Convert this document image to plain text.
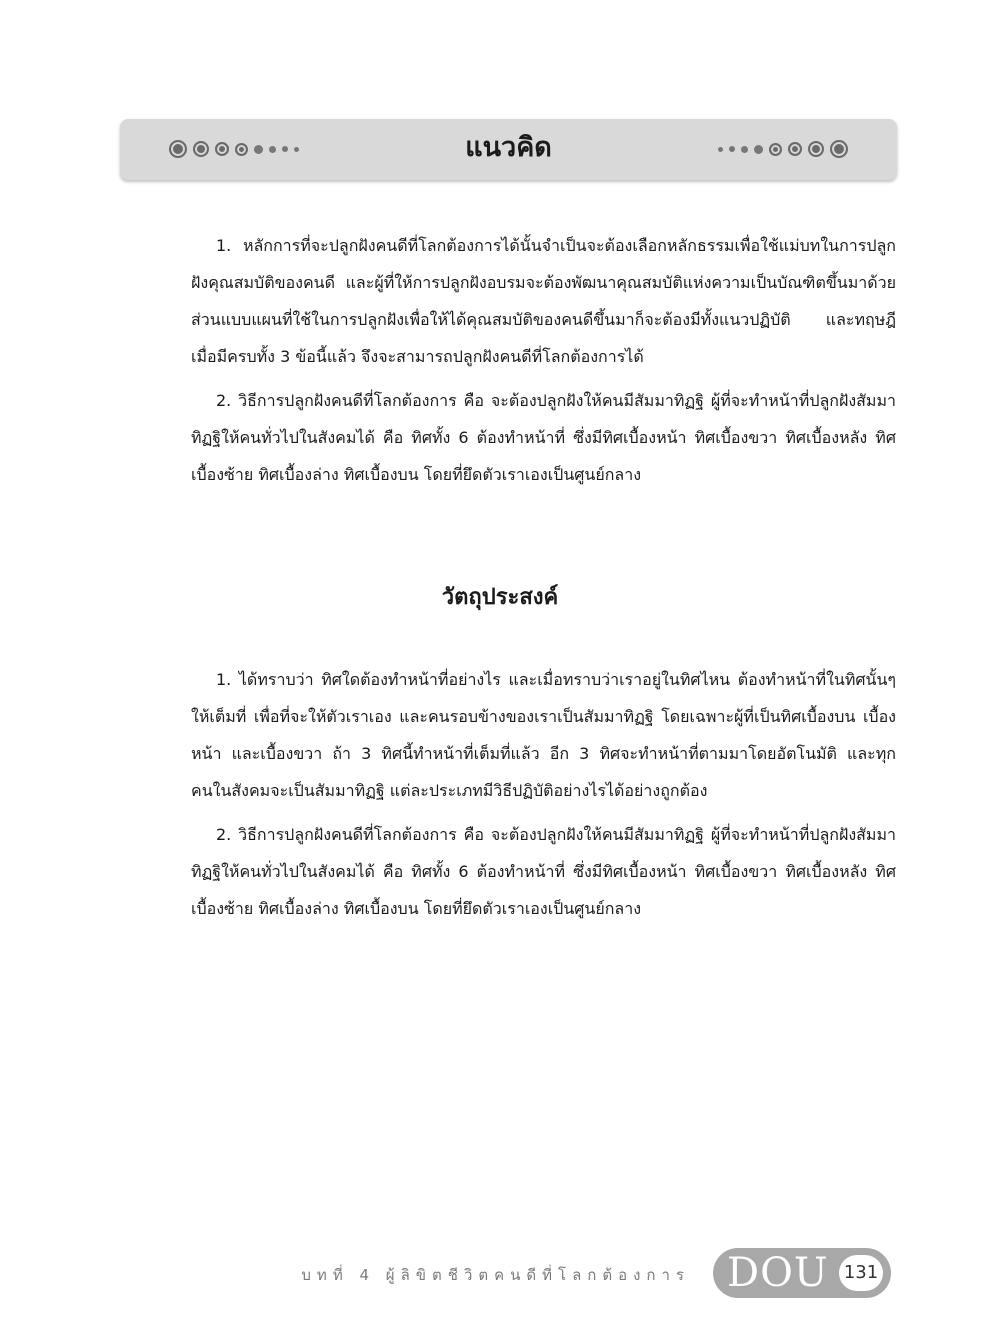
แนวคิด

1. หลักการที่จะปลูกฝังคนดีที่โลกต้องการได้นั้นจำเป็นจะต้องเลือกหลักธรรมเพื่อใช้แม่บทในการปลูกฝังคุณสมบัติของคนดี และผู้ที่ให้การปลูกฝังอบรมจะต้องพัฒนาคุณสมบัติแห่งความเป็นบัณฑิตขึ้นมาด้วย ส่วนแบบแผนที่ใช้ในการปลูกฝังเพื่อให้ได้คุณสมบัติของคนดีขึ้นมาก็จะต้องมีทั้งแนวปฏิบัติ และทฤษฎี เมื่อมีครบทั้ง 3 ข้อนี้แล้ว จึงจะสามารถปลูกฝังคนดีที่โลกต้องการได้

2. วิธีการปลูกฝังคนดีที่โลกต้องการ คือ จะต้องปลูกฝังให้คนมีสัมมาทิฏฐิ ผู้ที่จะทำหน้าที่ปลูกฝังสัมมาทิฏฐิให้คนทั่วไปในสังคมได้ คือ ทิศทั้ง 6 ต้องทำหน้าที่ ซึ่งมีทิศเบื้องหน้า ทิศเบื้องขวา ทิศเบื้องหลัง ทิศเบื้องซ้าย ทิศเบื้องล่าง ทิศเบื้องบน โดยที่ยึดตัวเราเองเป็นศูนย์กลาง

วัตถุประสงค์

1. ได้ทราบว่า ทิศใดต้องทำหน้าที่อย่างไร และเมื่อทราบว่าเราอยู่ในทิศไหน ต้องทำหน้าที่ในทิศนั้นๆ ให้เต็มที่ เพื่อที่จะให้ตัวเราเอง และคนรอบข้างของเราเป็นสัมมาทิฏฐิ โดยเฉพาะผู้ที่เป็นทิศเบื้องบน เบื้องหน้า และเบื้องขวา ถ้า 3 ทิศนี้ทำหน้าที่เต็มที่แล้ว อีก 3 ทิศจะทำหน้าที่ตามมาโดยอัตโนมัติ และทุกคนในสังคมจะเป็นสัมมาทิฏฐิ แต่ละประเภทมีวิธีปฏิบัติอย่างไรได้อย่างถูกต้อง

2. วิธีการปลูกฝังคนดีที่โลกต้องการ คือ จะต้องปลูกฝังให้คนมีสัมมาทิฏฐิ ผู้ที่จะทำหน้าที่ปลูกฝังสัมมาทิฏฐิให้คนทั่วไปในสังคมได้ คือ ทิศทั้ง 6 ต้องทำหน้าที่ ซึ่งมีทิศเบื้องหน้า ทิศเบื้องขวา ทิศเบื้องหลัง ทิศเบื้องซ้าย ทิศเบื้องล่าง ทิศเบื้องบน โดยที่ยึดตัวเราเองเป็นศูนย์กลาง

บทที่ 4 ผู้ลิขิตชีวิตคนดีที่โลกต้องการ DOU 131
